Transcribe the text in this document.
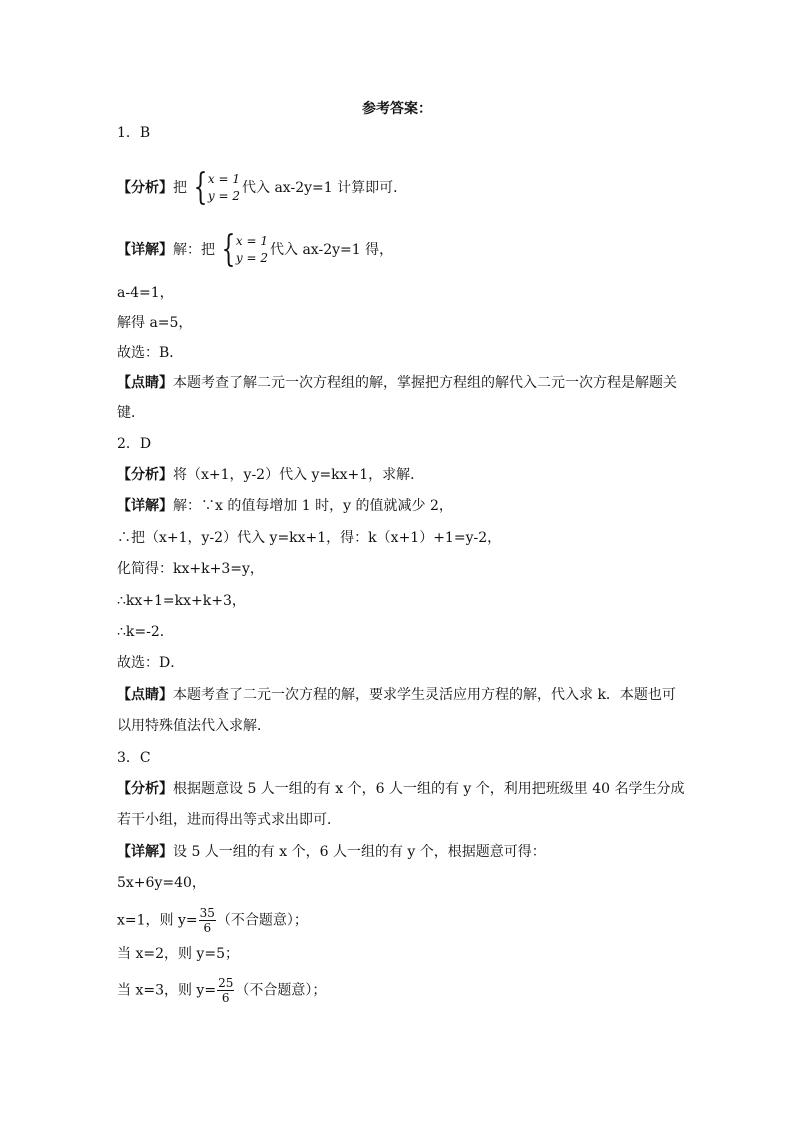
参考答案：
1．B
【分析】把 { x = 1
y = 2 代入 ax-2y=1 计算即可．
【详解】解：把 { x = 1
y = 2 代入 ax-2y=1 得，
a-4=1，
解得 a=5，
故选：B．
【点睛】本题考查了解二元一次方程组的解，掌握把方程组的解代入二元一次方程是解题关
键．
2．D
【分析】将（x+1，y-2）代入 y=kx+1，求解．
【详解】解：∵x 的值每增加 1 时，y 的值就减少 2，
∴把（x+1，y-2）代入 y=kx+1，得：k（x+1）+1=y-2，
化简得：kx+k+3=y，
∴kx+1=kx+k+3，
∴k=-2．
故选：D．
【点睛】本题考查了二元一次方程的解，要求学生灵活应用方程的解，代入求 k．本题也可
以用特殊值法代入求解．
3．C
【分析】根据题意设 5 人一组的有 x 个，6 人一组的有 y 个，利用把班级里 40 名学生分成
若干小组，进而得出等式求出即可．
【详解】设 5 人一组的有 x 个，6 人一组的有 y 个，根据题意可得：
5x+6y=40，
x=1，则 $y= \frac{35}{6}$ （不合题意）；
当 x=2，则 y=5；
当 x=3，则 $y= \frac{25}{6}$ （不合题意）；
